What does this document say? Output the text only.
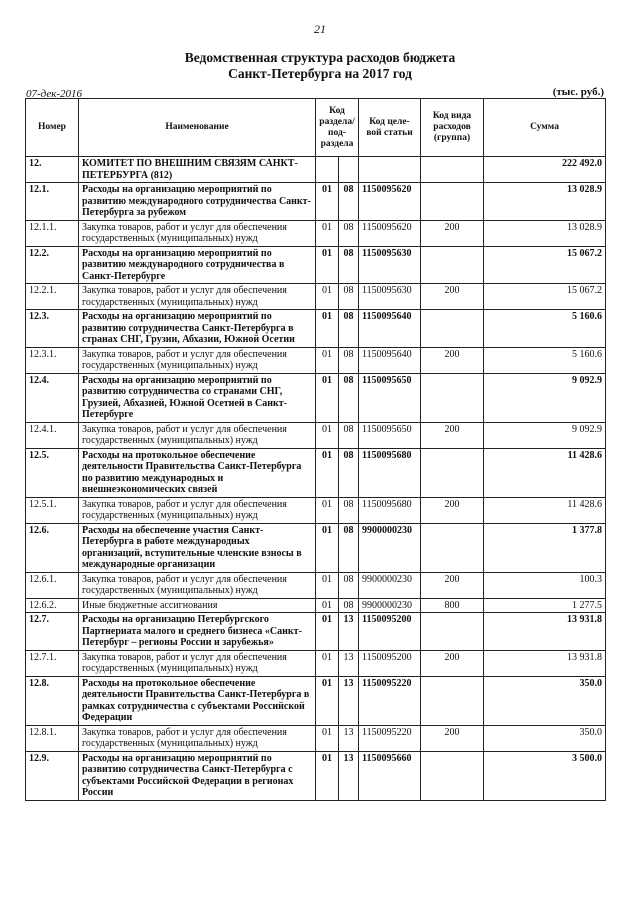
21
Ведомственная структура расходов бюджета
Санкт-Петербурга на 2017 год
07-дек-2016	(тыс. руб.)
Номер	Наименование	Код раздела/ под- раздела		Код целе- вой статьи	Код вида расходов (группа)	Сумма
12.	КОМИТЕТ ПО ВНЕШНИМ СВЯЗЯМ САНКТ-ПЕТЕРБУРГА (812)					222 492.0
12.1.	Расходы на организацию мероприятий по развитию международного сотрудничества Санкт-Петербурга за рубежом	01	08	1150095620		13 028.9
12.1.1.	Закупка товаров, работ и услуг для обеспечения государственных (муниципальных) нужд	01	08	1150095620	200	13 028.9
12.2.	Расходы на организацию мероприятий по развитию международного сотрудничества в Санкт-Петербурге	01	08	1150095630		15 067.2
12.2.1.	Закупка товаров, работ и услуг для обеспечения государственных (муниципальных) нужд	01	08	1150095630	200	15 067.2
12.3.	Расходы на организацию мероприятий по развитию сотрудничества Санкт-Петербурга в странах СНГ, Грузии, Абхазии, Южной Осетии	01	08	1150095640		5 160.6
12.3.1.	Закупка товаров, работ и услуг для обеспечения государственных (муниципальных) нужд	01	08	1150095640	200	5 160.6
12.4.	Расходы на организацию мероприятий по развитию сотрудничества со странами СНГ, Грузией, Абхазией, Южной Осетией в Санкт-Петербурге	01	08	1150095650		9 092.9
12.4.1.	Закупка товаров, работ и услуг для обеспечения государственных (муниципальных) нужд	01	08	1150095650	200	9 092.9
12.5.	Расходы на протокольное обеспечение деятельности Правительства Санкт-Петербурга по развитию международных и внешнеэкономических связей	01	08	1150095680		11 428.6
12.5.1.	Закупка товаров, работ и услуг для обеспечения государственных (муниципальных) нужд	01	08	1150095680	200	11 428.6
12.6.	Расходы на обеспечение участия Санкт-Петербурга в работе международных организаций, вступительные членские взносы в международные организации	01	08	9900000230		1 377.8
12.6.1.	Закупка товаров, работ и услуг для обеспечения государственных (муниципальных) нужд	01	08	9900000230	200	100.3
12.6.2.	Иные бюджетные ассигнования	01	08	9900000230	800	1 277.5
12.7.	Расходы на организацию Петербургского Партнериата малого и среднего бизнеса «Санкт-Петербург – регионы России и зарубежья»	01	13	1150095200		13 931.8
12.7.1.	Закупка товаров, работ и услуг для обеспечения государственных (муниципальных) нужд	01	13	1150095200	200	13 931.8
12.8.	Расходы на протокольное обеспечение деятельности Правительства Санкт-Петербурга в рамках сотрудничества с субъектами Российской Федерации	01	13	1150095220		350.0
12.8.1.	Закупка товаров, работ и услуг для обеспечения государственных (муниципальных) нужд	01	13	1150095220	200	350.0
12.9.	Расходы на организацию мероприятий по развитию сотрудничества Санкт-Петербурга с субъектами Российской Федерации в регионах России	01	13	1150095660		3 500.0
